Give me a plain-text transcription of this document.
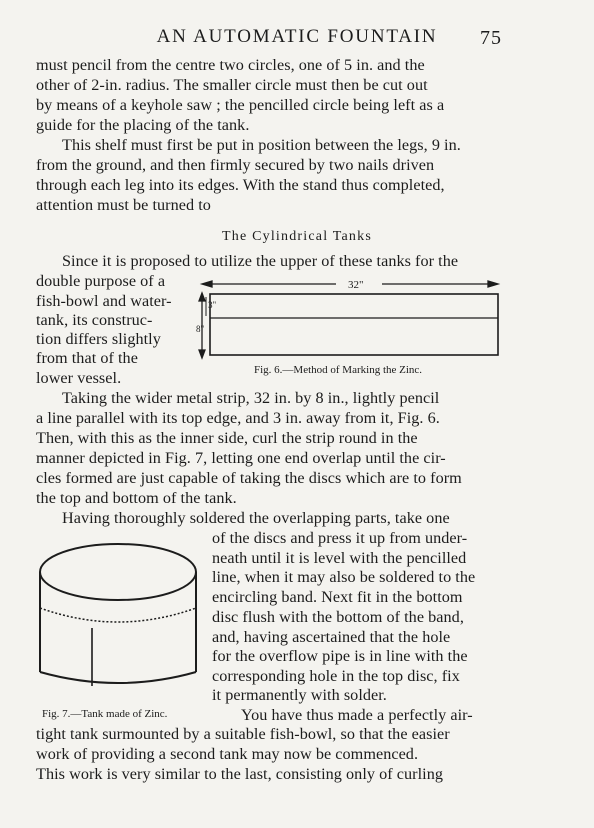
AN AUTOMATIC FOUNTAIN	75
must pencil from the centre two circles, one of 5 in. and the
other of 2-in. radius. The smaller circle must then be cut out
by means of a keyhole saw ; the pencilled circle being left as a
guide for the placing of the tank.
This shelf must first be put in position between the legs, 9 in.
from the ground, and then firmly secured by two nails driven
through each leg into its edges. With the stand thus completed,
attention must be turned to
The Cylindrical Tanks
Since it is proposed to utilize the upper of these tanks for the
double purpose of a
fish-bowl and water-
tank, its construc-
tion differs slightly
from that of the
lower vessel.
Taking the wider metal strip, 32 in. by 8 in., lightly pencil
a line parallel with its top edge, and 3 in. away from it, Fig. 6.
Then, with this as the inner side, curl the strip round in the
manner depicted in Fig. 7, letting one end overlap until the cir-
cles formed are just capable of taking the discs which are to form
the top and bottom of the tank.
Having thoroughly soldered the overlapping parts, take one
of the discs and press it up from under-
neath until it is level with the pencilled
line, when it may also be soldered to the
encircling band. Next fit in the bottom
disc flush with the bottom of the band,
and, having ascertained that the hole
for the overflow pipe is in line with the
corresponding hole in the top disc, fix
it permanently with solder.
You have thus made a perfectly air-
tight tank surmounted by a suitable fish-bowl, so that the easier
work of providing a second tank may now be commenced.
This work is very similar to the last, consisting only of curling
32"
3"
8"
Fig. 6.—Method of Marking the Zinc.
Fig. 7.—Tank made of Zinc.
